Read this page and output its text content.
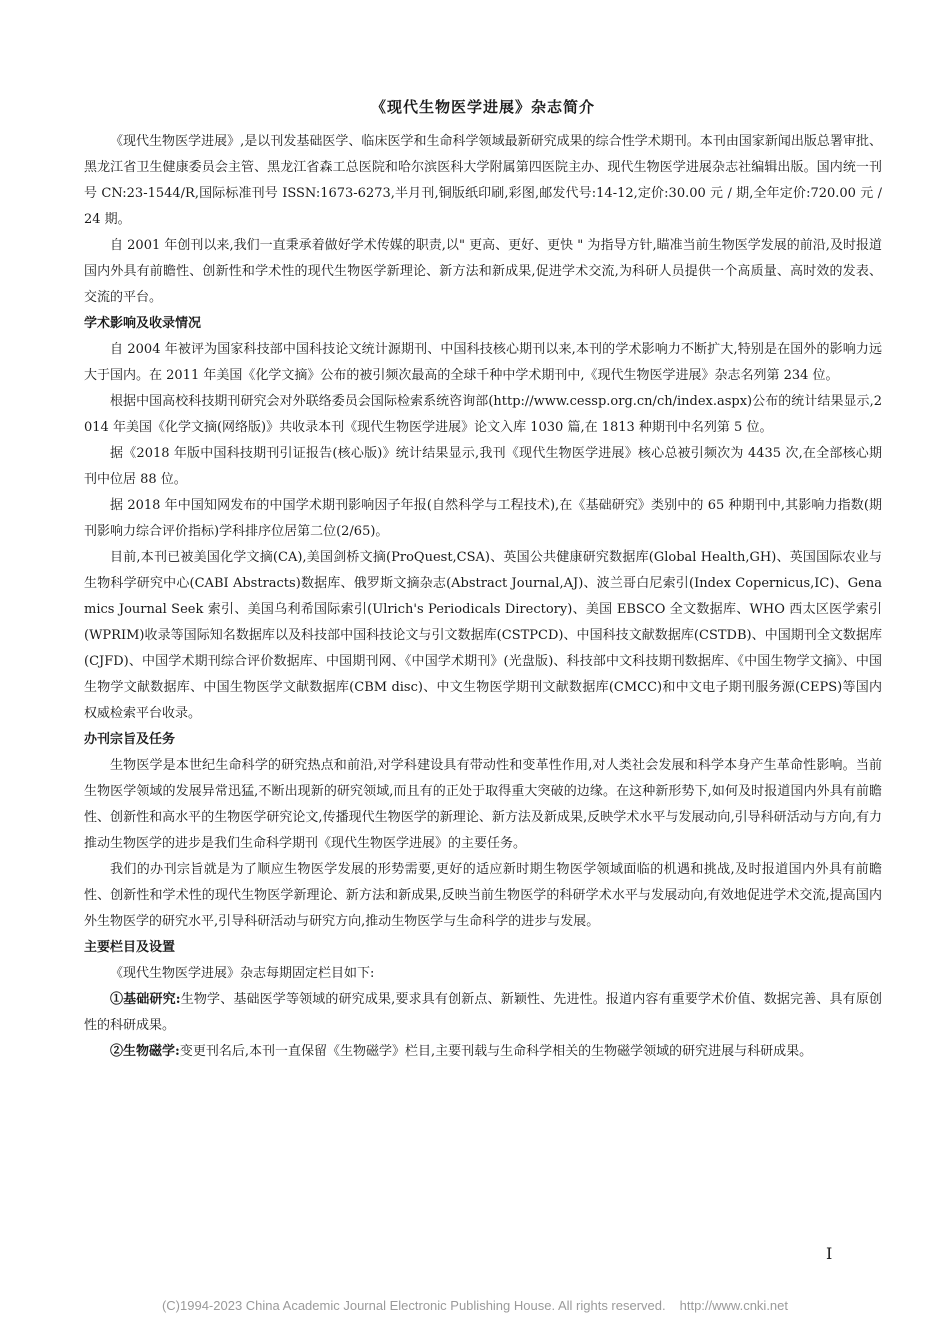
《现代生物医学进展》杂志简介

《现代生物医学进展》,是以刊发基础医学、临床医学和生命科学领域最新研究成果的综合性学术期刊。本刊由国家新闻出版总署审批、黑龙江省卫生健康委员会主管、黑龙江省森工总医院和哈尔滨医科大学附属第四医院主办、现代生物医学进展杂志社编辑出版。国内统一刊号 CN:23-1544/R,国际标准刊号 ISSN:1673-6273,半月刊,铜版纸印刷,彩图,邮发代号:14-12,定价:30.00 元 / 期,全年定价:720.00 元 /24 期。

自 2001 年创刊以来,我们一直秉承着做好学术传媒的职责,以" 更高、更好、更快 " 为指导方针,瞄准当前生物医学发展的前沿,及时报道国内外具有前瞻性、创新性和学术性的现代生物医学新理论、新方法和新成果,促进学术交流,为科研人员提供一个高质量、高时效的发表、交流的平台。

学术影响及收录情况

自 2004 年被评为国家科技部中国科技论文统计源期刊、中国科技核心期刊以来,本刊的学术影响力不断扩大,特别是在国外的影响力远大于国内。在 2011 年美国《化学文摘》公布的被引频次最高的全球千种中学术期刊中,《现代生物医学进展》杂志名列第 234 位。

根据中国高校科技期刊研究会对外联络委员会国际检索系统咨询部(http://www.cessp.org.cn/ch/index.aspx)公布的统计结果显示,2014 年美国《化学文摘(网络版)》共收录本刊《现代生物医学进展》论文入库 1030 篇,在 1813 种期刊中名列第 5 位。

据《2018 年版中国科技期刊引证报告(核心版)》统计结果显示,我刊《现代生物医学进展》核心总被引频次为 4435 次,在全部核心期刊中位居 88 位。

据 2018 年中国知网发布的中国学术期刊影响因子年报(自然科学与工程技术),在《基础研究》类别中的 65 种期刊中,其影响力指数(期刊影响力综合评价指标)学科排序位居第二位(2/65)。

目前,本刊已被美国化学文摘(CA),美国剑桥文摘(ProQuest,CSA)、英国公共健康研究数据库(Global Health,GH)、英国国际农业与生物科学研究中心(CABI Abstracts)数据库、俄罗斯文摘杂志(Abstract Journal,AJ)、波兰哥白尼索引(Index Copernicus,IC)、Genamics Journal Seek 索引、美国乌利希国际索引(Ulrich's Periodicals Directory)、美国 EBSCO 全文数据库、WHO 西太区医学索引(WPRIM)收录等国际知名数据库以及科技部中国科技论文与引文数据库(CSTPCD)、中国科技文献数据库(CSTDB)、中国期刊全文数据库(CJFD)、中国学术期刊综合评价数据库、中国期刊网、《中国学术期刊》(光盘版)、科技部中文科技期刊数据库、《中国生物学文摘》、中国生物学文献数据库、中国生物医学文献数据库(CBM disc)、中文生物医学期刊文献数据库(CMCC)和中文电子期刊服务源(CEPS)等国内权威检索平台收录。

办刊宗旨及任务

生物医学是本世纪生命科学的研究热点和前沿,对学科建设具有带动性和变革性作用,对人类社会发展和科学本身产生革命性影响。当前生物医学领域的发展异常迅猛,不断出现新的研究领域,而且有的正处于取得重大突破的边缘。在这种新形势下,如何及时报道国内外具有前瞻性、创新性和高水平的生物医学研究论文,传播现代生物医学的新理论、新方法及新成果,反映学术水平与发展动向,引导科研活动与方向,有力推动生物医学的进步是我们生命科学期刊《现代生物医学进展》的主要任务。

我们的办刊宗旨就是为了顺应生物医学发展的形势需要,更好的适应新时期生物医学领域面临的机遇和挑战,及时报道国内外具有前瞻性、创新性和学术性的现代生物医学新理论、新方法和新成果,反映当前生物医学的科研学术水平与发展动向,有效地促进学术交流,提高国内外生物医学的研究水平,引导科研活动与研究方向,推动生物医学与生命科学的进步与发展。

主要栏目及设置

《现代生物医学进展》杂志每期固定栏目如下:

①基础研究:生物学、基础医学等领域的研究成果,要求具有创新点、新颖性、先进性。报道内容有重要学术价值、数据完善、具有原创性的科研成果。

②生物磁学:变更刊名后,本刊一直保留《生物磁学》栏目,主要刊载与生命科学相关的生物磁学领域的研究进展与科研成果。

I
(C)1994-2023 China Academic Journal Electronic Publishing House. All rights reserved. http://www.cnki.net
